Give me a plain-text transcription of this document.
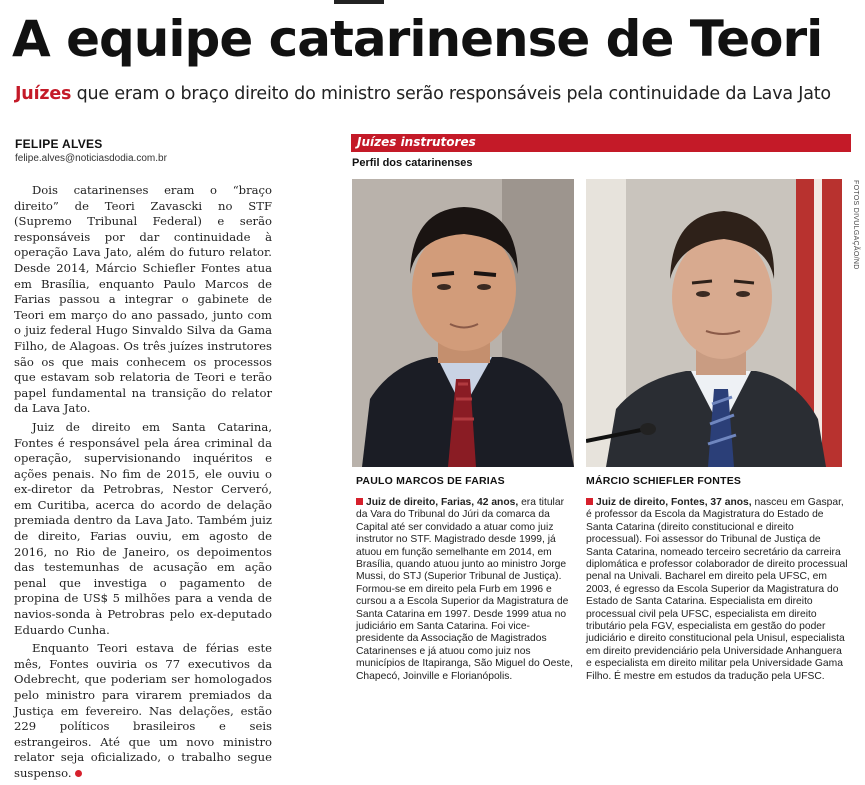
A equipe catarinense de Teori
Juízes que eram o braço direito do ministro serão responsáveis pela continuidade da Lava Jato
FELIPE ALVES
felipe.alves@noticiasdodia.com.br

Dois catarinenses eram o “braço direito” de Teori Zavascki no STF (Supremo Tribunal Federal) e serão responsáveis por dar continuidade à operação Lava Jato, além do futuro relator. Desde 2014, Márcio Schiefler Fontes atua em Brasília, enquanto Paulo Marcos de Farias passou a integrar o gabinete de Teori em março do ano passado, junto com o juiz federal Hugo Sinvaldo Silva da Gama Filho, de Alagoas. Os três juízes instrutores são os que mais conhecem os processos que estavam sob relatoria de Teori e terão papel fundamental na transição do relator da Lava Jato.

Juiz de direito em Santa Catarina, Fontes é responsável pela área criminal da operação, supervisionando inquéritos e ações penais. No fim de 2015, ele ouviu o ex-diretor da Petrobras, Nestor Cerveró, em Curitiba, acerca do acordo de delação premiada dentro da Lava Jato. Também juiz de direito, Farias ouviu, em agosto de 2016, no Rio de Janeiro, os depoimentos das testemunhas de acusação em ação penal que investiga o pagamento de propina de US$ 5 milhões para a venda de navios-sonda à Petrobras pelo ex-deputado Eduardo Cunha.

Enquanto Teori estava de férias este mês, Fontes ouviria os 77 executivos da Odebrecht, que poderiam ser homologados pelo ministro para virarem premiados da Justiça em fevereiro. Nas delações, estão 229 políticos brasileiros e seis estrangeiros. Até que um novo ministro relator seja oficializado, o trabalho segue suspenso.

Juízes instrutores
Perfil dos catarinenses
FOTOS DIVULGAÇÃO/ND
PAULO MARCOS DE FARIAS	MÁRCIO SCHIEFLER FONTES
Juiz de direito, Farias, 42 anos, era titular da Vara do Tribunal do Júri da comarca da Capital até ser convidado a atuar como juiz instrutor no STF. Magistrado desde 1999, já atuou em função semelhante em 2014, em Brasília, quando atuou junto ao ministro Jorge Mussi, do STJ (Superior Tribunal de Justiça). Formou-se em direito pela Furb em 1996 e cursou a a Escola Superior da Magistratura de Santa Catarina em 1997. Desde 1999 atua no judiciário em Santa Catarina. Foi vice-presidente da Associação de Magistrados Catarinenses e já atuou como juiz nos municípios de Itapiranga, São Miguel do Oeste, Chapecó, Joinville e Florianópolis.
Juiz de direito, Fontes, 37 anos, nasceu em Gaspar, é professor da Escola da Magistratura do Estado de Santa Catarina (direito constitucional e direito processual). Foi assessor do Tribunal de Justiça de Santa Catarina, nomeado terceiro secretário da carreira diplomática e professor colaborador de direito processual penal na Univali. Bacharel em direito pela UFSC, em 2003, é egresso da Escola Superior da Magistratura do Estado de Santa Catarina. Especialista em direito processual civil pela UFSC, especialista em direito tributário pela FGV, especialista em gestão do poder judiciário e direito constitucional pela Unisul, especialista em direito previdenciário pela Universidade Anhanguera e especialista em direito militar pela Universidade Gama Filho. É mestre em estudos da tradução pela UFSC.
